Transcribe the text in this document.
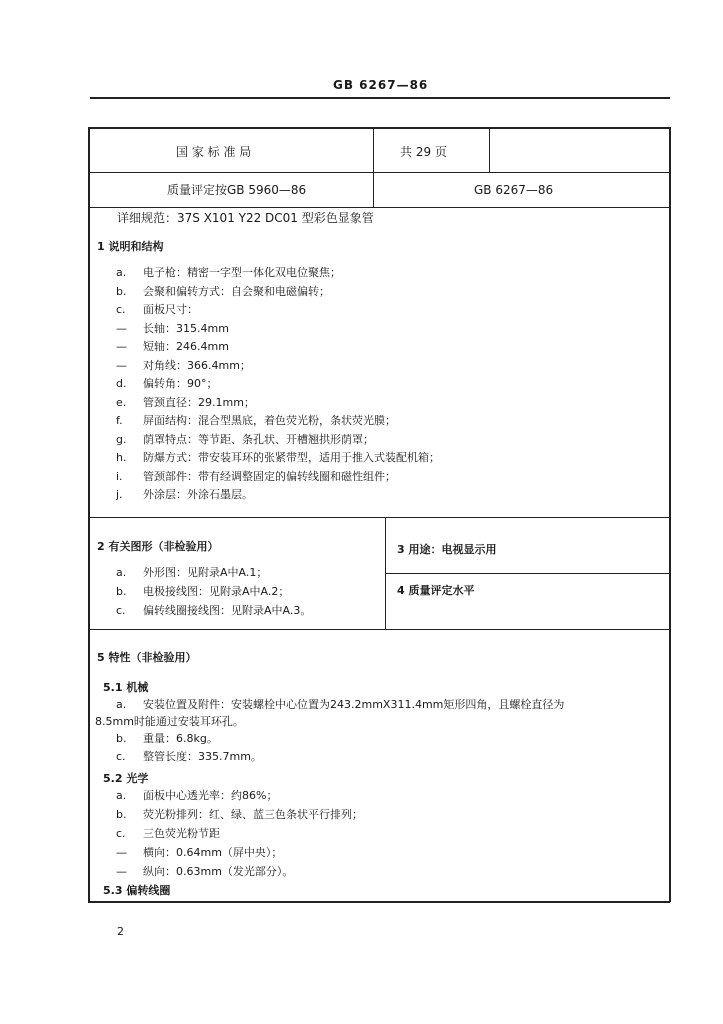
GB 6267—86
国 家 标 准 局	共 29 页
质量评定按GB 5960—86	GB 6267—86
详细规范：37S X101 Y22 DC01 型彩色显象管
1 说明和结构
a. 电子枪：精密一字型一体化双电位聚焦；
b. 会聚和偏转方式：自会聚和电磁偏转；
c. 面板尺寸：
— 长轴：315.4mm
— 短轴：246.4mm
— 对角线：366.4mm；
d. 偏转角：90°；
e. 管颈直径：29.1mm；
f. 屏面结构：混合型黑底，着色荧光粉，条状荧光膜；
g. 荫罩特点：等节距、条孔状、开槽翘拱形荫罩；
h. 防爆方式：带安装耳环的张紧带型，适用于推入式装配机箱；
i. 管颈部件：带有经调整固定的偏转线圈和磁性组件；
j. 外涂层：外涂石墨层。
2 有关图形（非检验用）
a. 外形图：见附录A中A.1；
b. 电极接线图：见附录A中A.2；
c. 偏转线圈接线图：见附录A中A.3。
3 用途：电视显示用
4 质量评定水平
5 特性（非检验用）
5.1 机械
a. 安装位置及附件：安装螺栓中心位置为243.2mmX311.4mm矩形四角，且螺栓直径为
8.5mm时能通过安装耳环孔。
b. 重量：6.8kg。
c. 整管长度：335.7mm。
5.2 光学
a. 面板中心透光率：约86%；
b. 荧光粉排列：红、绿、蓝三色条状平行排列；
c. 三色荧光粉节距
— 横向：0.64mm（屏中央）；
— 纵向：0.63mm（发光部分）。
5.3 偏转线圈
2
